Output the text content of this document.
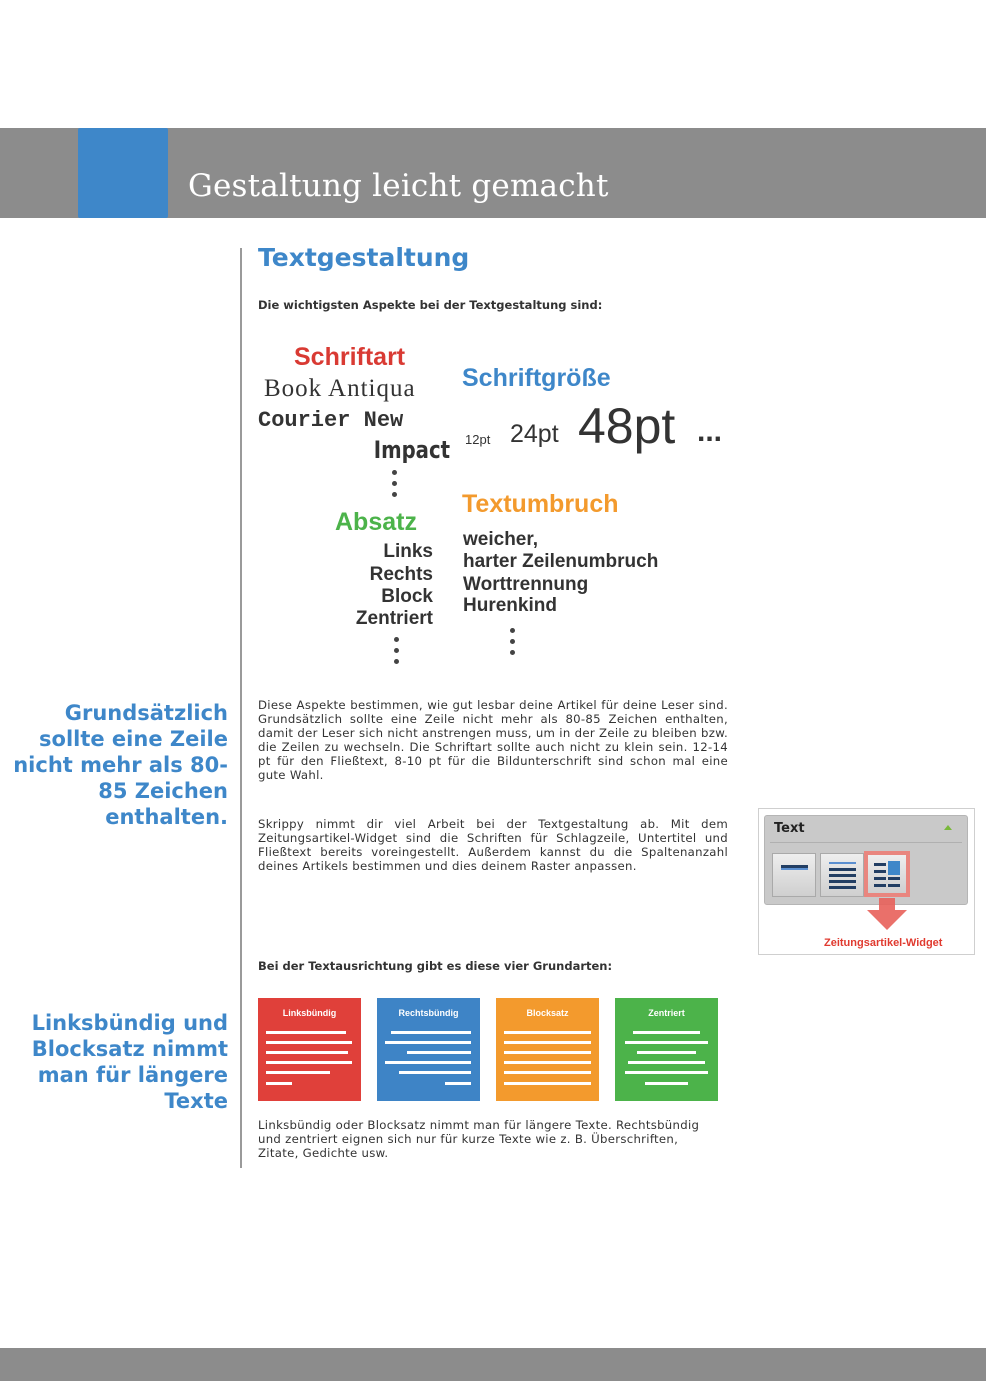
Gestaltung leicht gemacht
Textgestaltung
Die wichtigsten Aspekte bei der Textgestaltung sind:
Schriftart
Book Antiqua
Courier New
Impact
Schriftgröße
12pt 24pt 48pt ...
Absatz
Links
Rechts
Block
Zentriert
Textumbruch
weicher,
harter Zeilenumbruch
Worttrennung
Hurenkind
Diese Aspekte bestimmen, wie gut lesbar deine Artikel für deine Leser sind. Grundsätzlich sollte eine Zeile nicht mehr als 80-85 Zeichen enthalten, damit der Leser sich nicht anstrengen muss, um in der Zeile zu bleiben bzw. die Zeilen zu wechseln. Die Schriftart sollte auch nicht zu klein sein. 12-14 pt für den Fließtext, 8-10 pt für die Bildunterschrift sind schon mal eine gute Wahl.
Skrippy nimmt dir viel Arbeit bei der Textgestaltung ab. Mit dem Zeitungsartikel-Widget sind die Schriften für Schlagzeile, Untertitel und Fließtext bereits voreingestellt. Außerdem kannst du die Spaltenanzahl deines Artikels bestimmen und dies deinem Raster anpassen.
Grundsätzlich sollte eine Zeile nicht mehr als 80-85 Zeichen enthalten.
Linksbündig und Blocksatz nimmt man für längere Texte
Text
Zeitungsartikel-Widget
Bei der Textausrichtung gibt es diese vier Grundarten:
Linksbündig	Rechtsbündig	Blocksatz	Zentriert
Linksbündig oder Blocksatz nimmt man für längere Texte. Rechtsbündig und zentriert eignen sich nur für kurze Texte wie z. B. Überschriften, Zitate, Gedichte usw.
